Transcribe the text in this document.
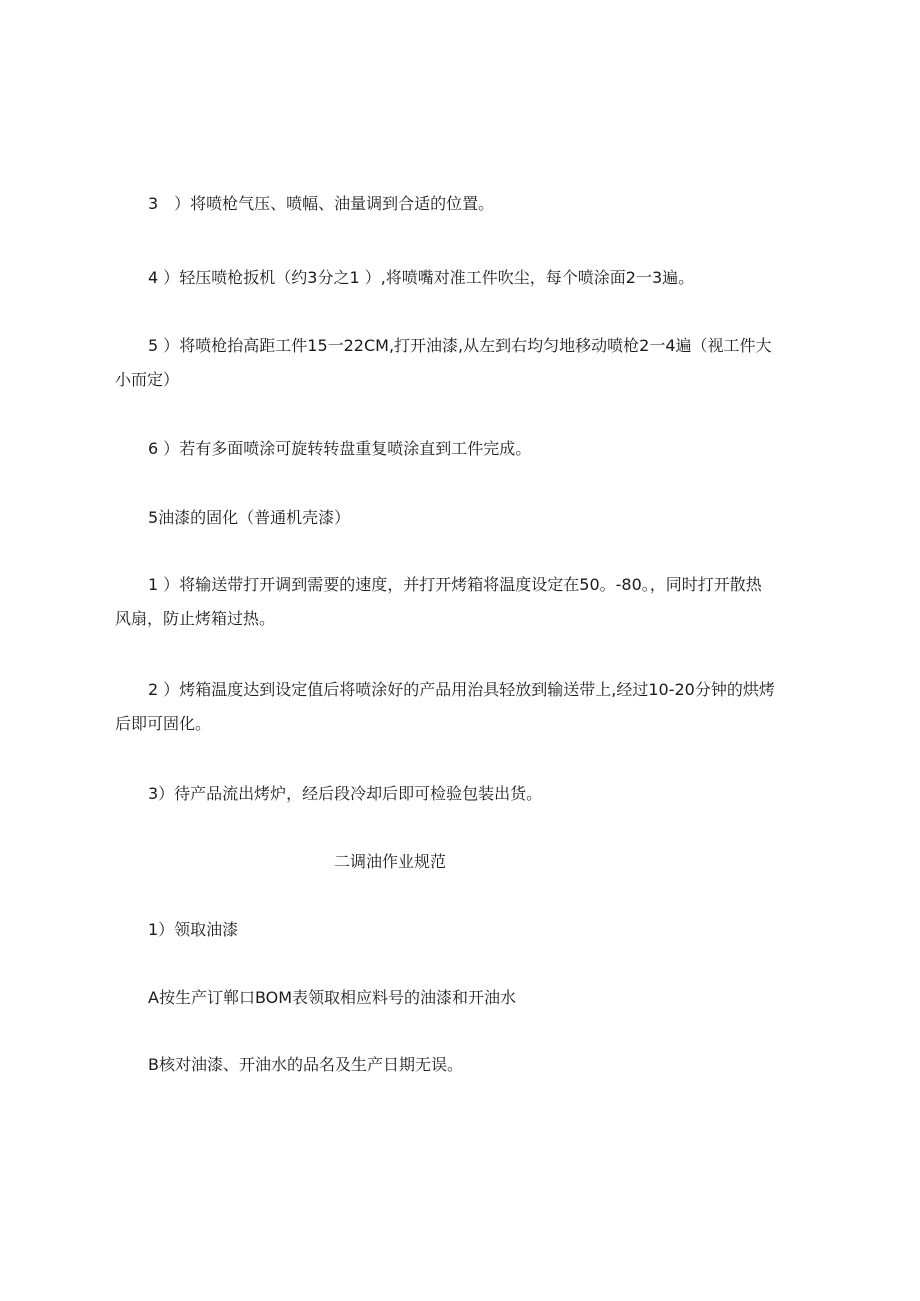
3　）将喷枪气压、喷幅、油量调到合适的位置。
4 ）轻压喷枪扳机（约3分之1 ）,将喷嘴对准工件吹尘，每个喷涂面2一3遍。
5 ）将喷枪抬高距工件15一22CM,打开油漆,从左到右均匀地移动喷枪2一4遍（视工件大
小而定）
6 ）若有多面喷涂可旋转转盘重复喷涂直到工件完成。
5油漆的固化（普通机壳漆）
1 ）将输送带打开调到需要的速度，并打开烤箱将温度设定在50。-80。，同时打开散热
风扇，防止烤箱过热。
2 ）烤箱温度达到设定值后将喷涂好的产品用治具轻放到输送带上,经过10-20分钟的烘烤
后即可固化。
3）待产品流出烤炉，经后段冷却后即可检验包装出货。
二调油作业规范
1）领取油漆
A按生产订郸口BOM表领取相应料号的油漆和开油水
B核对油漆、开油水的品名及生产日期无误。
